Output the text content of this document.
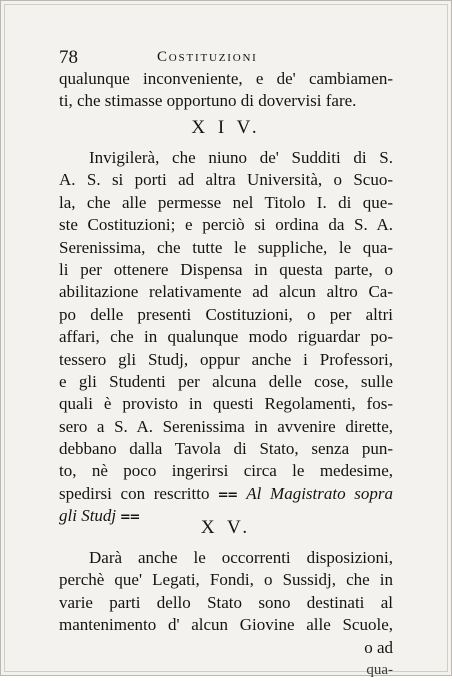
78	Costituzioni
qualunque inconveniente, e de' cambiamen-
ti, che stimasse opportuno di dovervisi fare.
X I V.
Invigilerà, che niuno de' Sudditi di S.
A. S. si porti ad altra Università, o Scuo-
la, che alle permesse nel Titolo I. di que-
ste Costituzioni; e perciò si ordina da S. A.
Serenissima, che tutte le suppliche, le qua-
li per ottenere Dispensa in questa parte, o
abilitazione relativamente ad alcun altro Ca-
po delle presenti Costituzioni, o per altri
affari, che in qualunque modo riguardar po-
tessero gli Studj, oppur anche i Professori,
e gli Studenti per alcuna delle cose, sulle
quali è provisto in questi Regolamenti, fos-
sero a S. A. Serenissima in avvenire dirette,
debbano dalla Tavola di Stato, senza pun-
to, nè poco ingerirsi circa le medesime,
spedirsi con rescritto ⩵ Al Magistrato sopra
gli Studj ⩵
X V.
Darà anche le occorrenti disposizioni,
perchè que' Legati, Fondi, o Sussidj, che in
varie parti dello Stato sono destinati al
mantenimento d' alcun Giovine alle Scuole,
o ad
qua-
